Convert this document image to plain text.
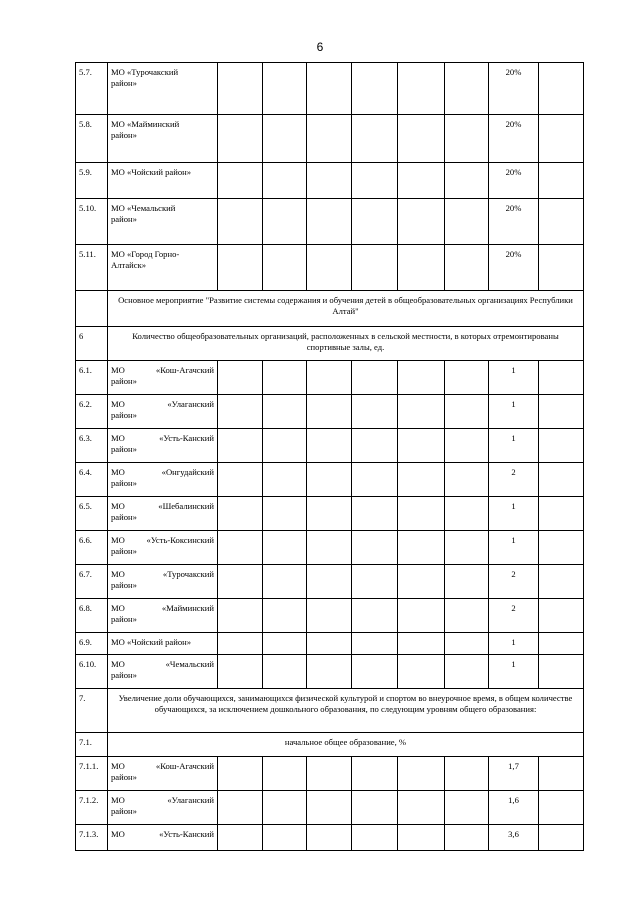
6
5.7.	МО «Турочакский
район»							20%	
5.8.	МО «Майминский
район»							20%	
5.9.	МО «Чойский район»							20%	
5.10.	МО «Чемальский
район»							20%	
5.11.	МО «Город Горно-
Алтайск»							20%	
	Основное мероприятие "Развитие системы содержания и обучения детей в общеобразовательных организациях Республики Алтай"								
6	Количество общеобразовательных организаций, расположенных в сельской местности, в которых отремонтированы спортивные залы, ед.								
6.1.	МО «Кош-Агачский
район»							1	
6.2.	МО «Улаганский
район»							1	
6.3.	МО «Усть-Канский
район»							1	
6.4.	МО «Онгудайский
район»							2	
6.5.	МО «Шебалинский
район»							1	
6.6.	МО «Усть-Коксинский
район»							1	
6.7.	МО «Турочакский
район»							2	
6.8.	МО «Майминский
район»							2	
6.9.	МО «Чойский район»							1	
6.10.	МО «Чемальский
район»							1	
7.	Увеличение доли обучающихся, занимающихся физической культурой и спортом во внеурочное время, в общем количестве обучающихся, за исключением дошкольного образования, по следующим уровням общего образования:								
7.1.	начальное общее образование, %								
7.1.1.	МО «Кош-Агачский
район»							1,7	
7.1.2.	МО «Улаганский
район»							1,6	
7.1.3.	МО «Усть-Канский							3,6	
